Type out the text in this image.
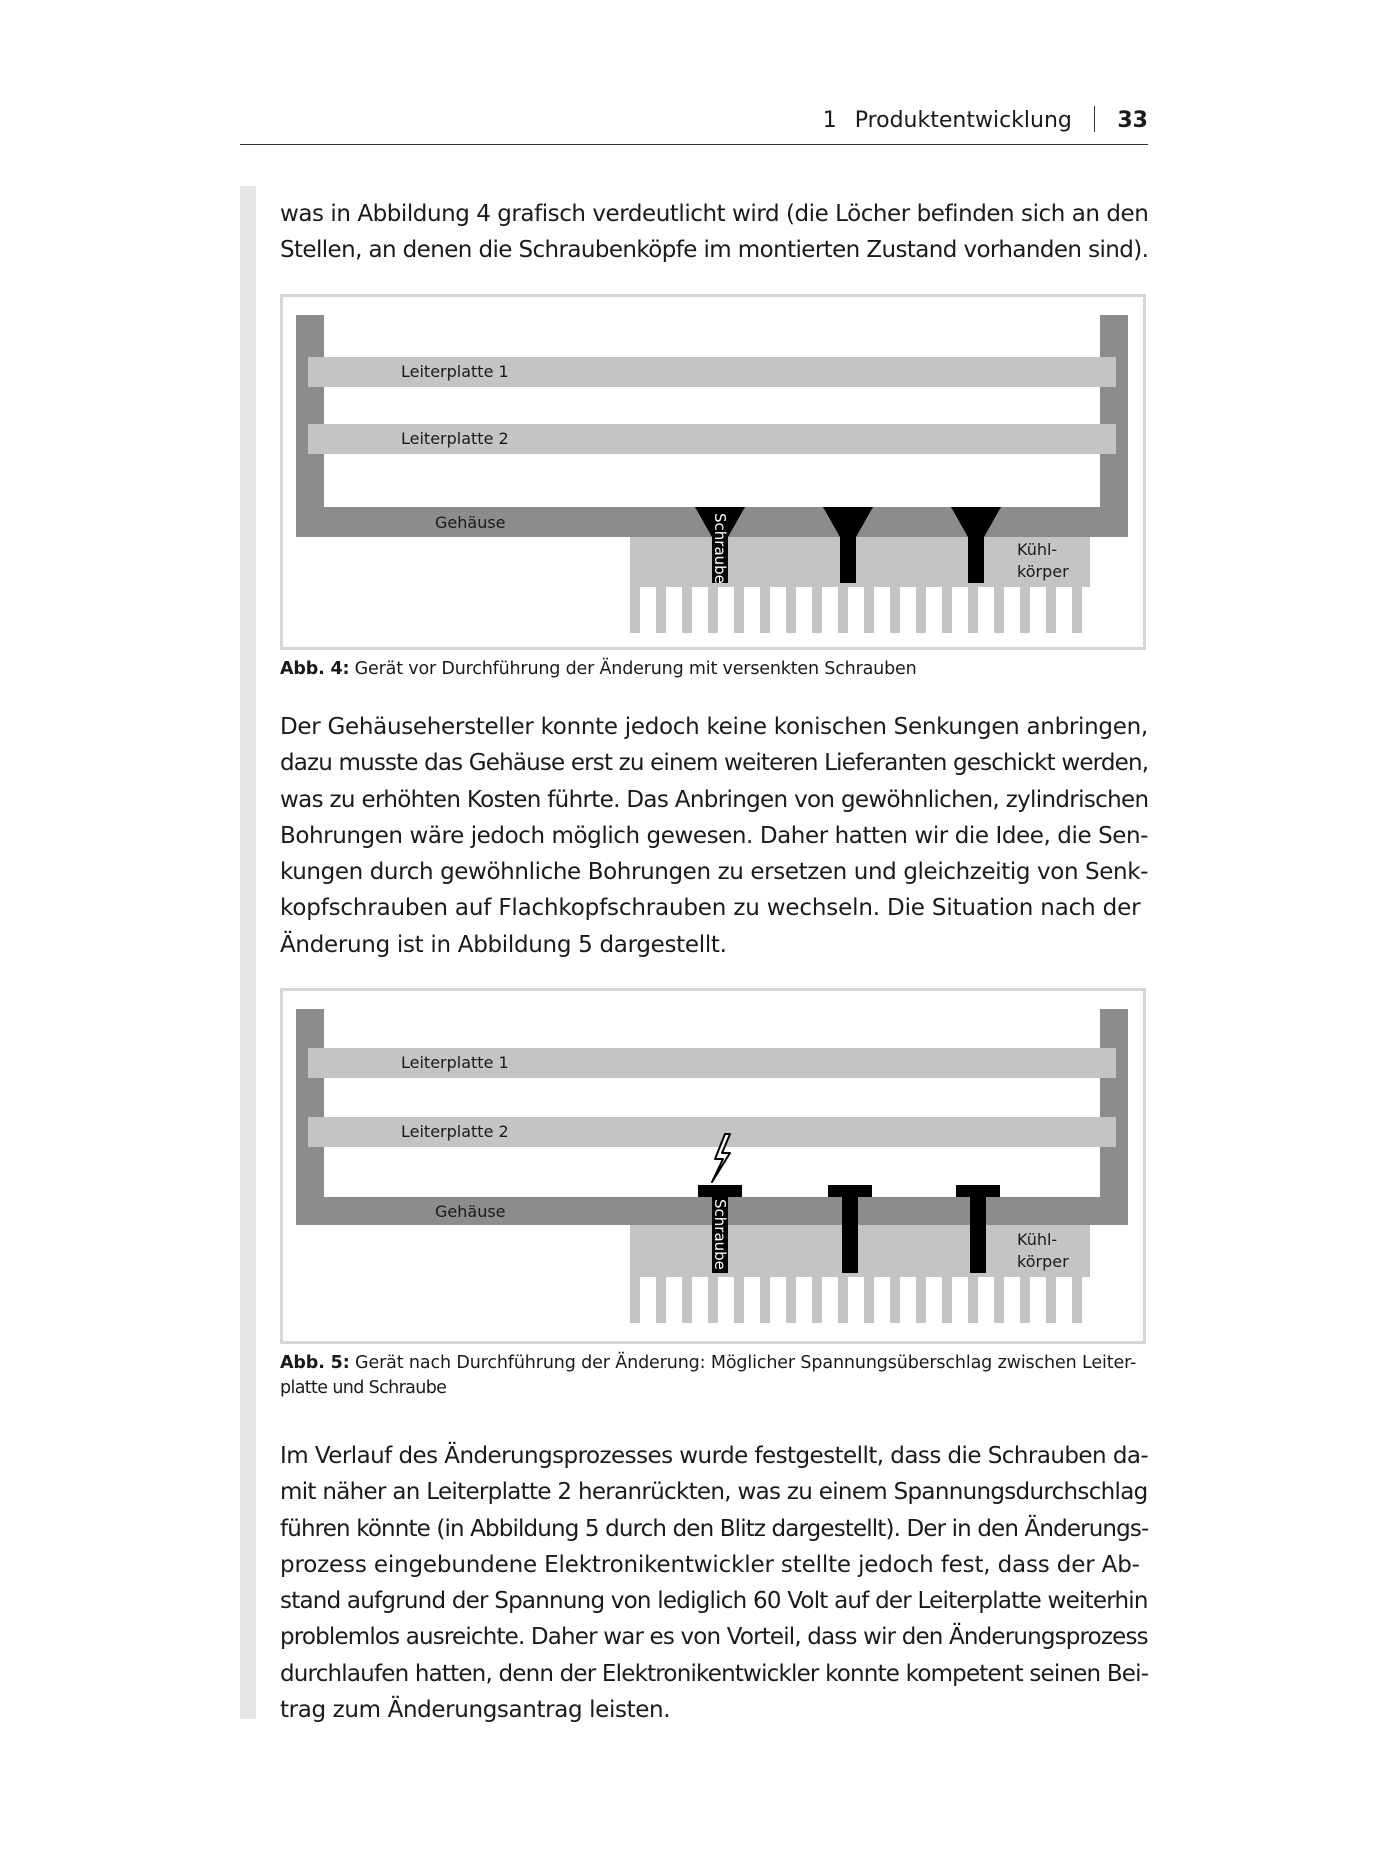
1 Produktentwicklung 33

was in Abbildung 4 grafisch verdeutlicht wird (die Löcher befinden sich an den
Stellen, an denen die Schraubenköpfe im montierten Zustand vorhanden sind).

Leiterplatte 1
Leiterplatte 2
Gehäuse	Schraube	Kühl-
körper

Abb. 4: Gerät vor Durchführung der Änderung mit versenkten Schrauben

Der Gehäusehersteller konnte jedoch keine konischen Senkungen anbringen,
dazu musste das Gehäuse erst zu einem weiteren Lieferanten geschickt werden,
was zu erhöhten Kosten führte. Das Anbringen von gewöhnlichen, zylindrischen
Bohrungen wäre jedoch möglich gewesen. Daher hatten wir die Idee, die Sen-
kungen durch gewöhnliche Bohrungen zu ersetzen und gleichzeitig von Senk-
kopfschrauben auf Flachkopfschrauben zu wechseln. Die Situation nach der
Änderung ist in Abbildung 5 dargestellt.

Leiterplatte 1
Leiterplatte 2
Gehäuse	Schraube	Kühl-
körper

Abb. 5: Gerät nach Durchführung der Änderung: Möglicher Spannungsüberschlag zwischen Leiter-
platte und Schraube

Im Verlauf des Änderungsprozesses wurde festgestellt, dass die Schrauben da-
mit näher an Leiterplatte 2 heranrückten, was zu einem Spannungsdurchschlag
führen könnte (in Abbildung 5 durch den Blitz dargestellt). Der in den Änderungs-
prozess eingebundene Elektronikentwickler stellte jedoch fest, dass der Ab-
stand aufgrund der Spannung von lediglich 60 Volt auf der Leiterplatte weiterhin
problemlos ausreichte. Daher war es von Vorteil, dass wir den Änderungsprozess
durchlaufen hatten, denn der Elektronikentwickler konnte kompetent seinen Bei-
trag zum Änderungsantrag leisten.
